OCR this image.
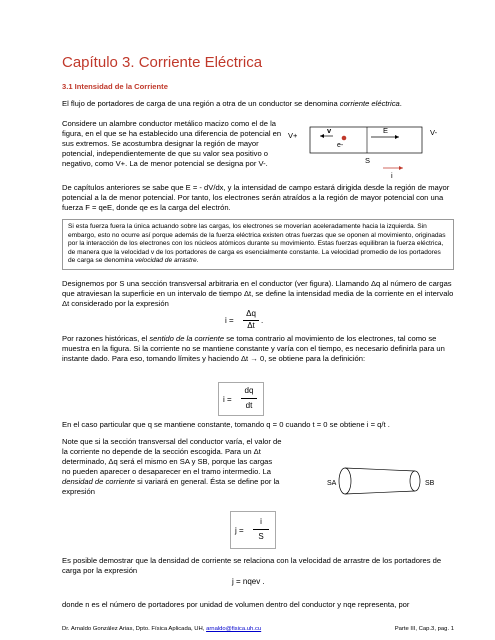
Capítulo 3. Corriente Eléctrica
3.1 Intensidad de la Corriente

El flujo de portadores de carga de una región a otra de un conductor se denomina corriente eléctrica.

Considere un alambre conductor metálico macizo como el de la figura, en el que se ha establecido una diferencia de potencial en sus extremos. Se acostumbra designar la región de mayor potencial, independientemente de que su valor sea positivo o negativo, como V+. La de menor potencial se designa por V-.

V+	V-
v
e-
E
S
i

De capítulos anteriores se sabe que E = - dV/dx, y la intensidad de campo estará dirigida desde la región de mayor potencial a la de menor potencial. Por tanto, los electrones serán atraídos a la región de mayor potencial con una fuerza F = qeE, donde qe es la carga del electrón.

Si esta fuerza fuera la única actuando sobre las cargas, los electrones se moverían aceleradamente hacia la izquierda. Sin embargo, esto no ocurre así porque además de la fuerza eléctrica existen otras fuerzas que se oponen al movimiento, originadas por la interacción de los electrones con los núcleos atómicos durante su movimiento. Estas fuerzas equilibran la fuerza eléctrica, de manera que la velocidad v de los portadores de carga es esencialmente constante. La velocidad promedio de los portadores de carga se denomina velocidad de arrastre.

Designemos por S una sección transversal arbitraria en el conductor (ver figura). Llamando Δq al número de cargas que atraviesan la superficie en un intervalo de tiempo Δt, se define la intensidad media de la corriente en el intervalo Δt considerado por la expresión

i =
Δq
Δt
.

Por razones históricas, el sentido de la corriente se toma contrario al movimiento de los electrones, tal como se muestra en la figura. Si la corriente no se mantiene constante y varía con el tiempo, es necesario definirla para un instante dado. Para eso, tomando límites y haciendo Δt → 0, se obtiene para la definición:

i =
dq
dt

En el caso particular que q se mantiene constante, tomando q = 0 cuando t = 0 se obtiene i = q/t .

Note que si la sección transversal del conductor varía, el valor de la corriente no depende de la sección escogida. Para un Δt determinado, Δq será el mismo en SA y SB, porque las cargas no pueden aparecer o desaparecer en el tramo intermedio. La densidad de corriente si variará en general. Ésta se define por la expresión

SA	SB
j =
i
S

Es posible demostrar que la densidad de corriente se relaciona con la velocidad de arrastre de los portadores de carga por la expresión

j = nqev .

donde n es el número de portadores por unidad de volumen dentro del conductor y nqe representa, por

Dr. Arnaldo González Arias, Dpto. Física Aplicada, UH, arnaldo@fisica.uh.cu	Parte III, Cap.3, pag. 1
